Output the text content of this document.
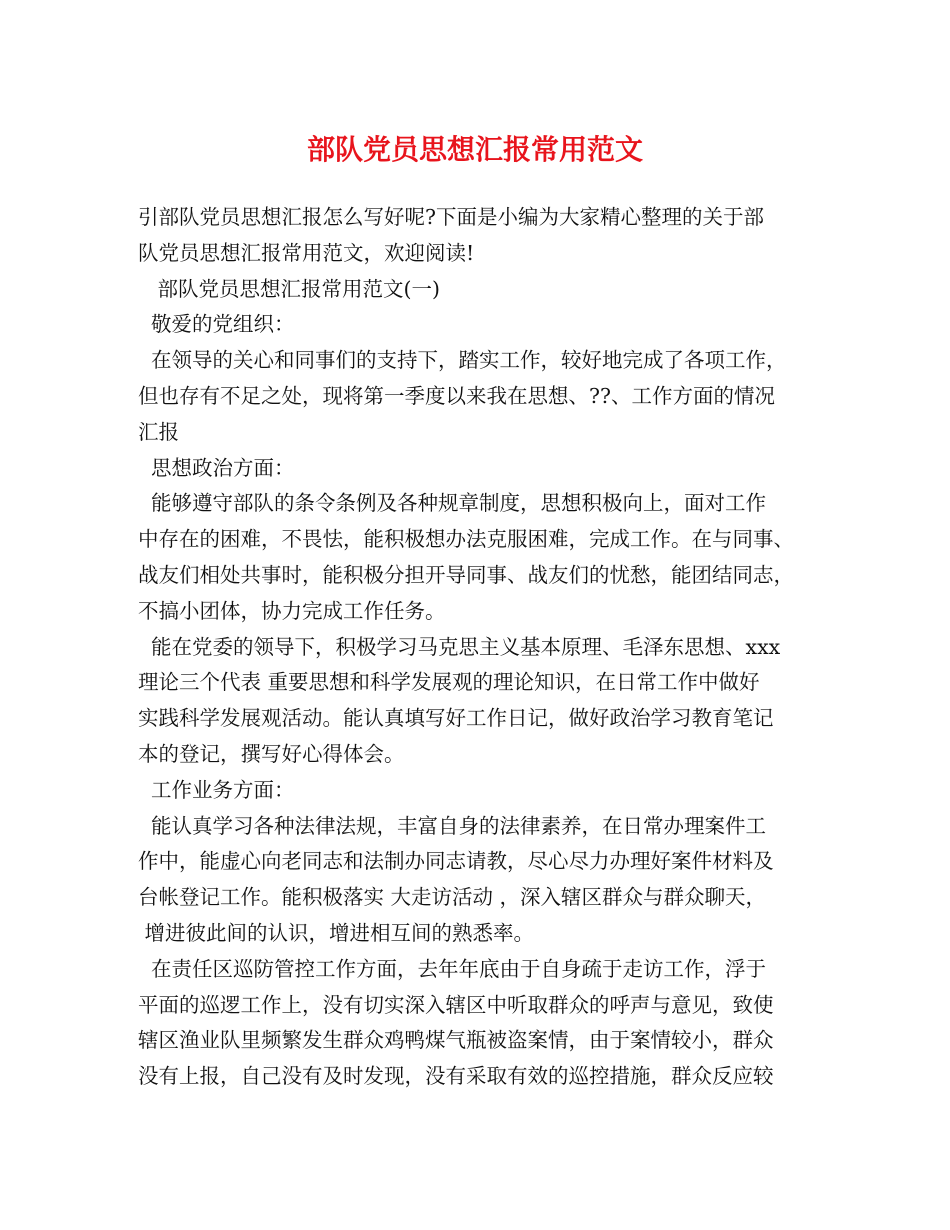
部队党员思想汇报常用范文

引部队党员思想汇报怎么写好呢?下面是小编为大家精心整理的关于部

队党员思想汇报常用范文，欢迎阅读!

部队党员思想汇报常用范文(一)

敬爱的党组织：

在领导的关心和同事们的支持下，踏实工作，较好地完成了各项工作，

但也存有不足之处，现将第一季度以来我在思想、??、工作方面的情况

汇报

思想政治方面：

能够遵守部队的条令条例及各种规章制度，思想积极向上，面对工作

中存在的困难，不畏怯，能积极想办法克服困难，完成工作。在与同事、

战友们相处共事时，能积极分担开导同事、战友们的忧愁，能团结同志，

不搞小团体，协力完成工作任务。

能在党委的领导下，积极学习马克思主义基本原理、毛泽东思想、xxx

理论三个代表 重要思想和科学发展观的理论知识，在日常工作中做好

实践科学发展观活动。能认真填写好工作日记，做好政治学习教育笔记

本的登记，撰写好心得体会。

工作业务方面：

能认真学习各种法律法规，丰富自身的法律素养，在日常办理案件工

作中，能虚心向老同志和法制办同志请教，尽心尽力办理好案件材料及

台帐登记工作。能积极落实 大走访活动 ，深入辖区群众与群众聊天，

增进彼此间的认识，增进相互间的熟悉率。

在责任区巡防管控工作方面，去年年底由于自身疏于走访工作，浮于

平面的巡逻工作上，没有切实深入辖区中听取群众的呼声与意见，致使

辖区渔业队里频繁发生群众鸡鸭煤气瓶被盗案情，由于案情较小，群众

没有上报，自己没有及时发现，没有采取有效的巡控措施，群众反应较
